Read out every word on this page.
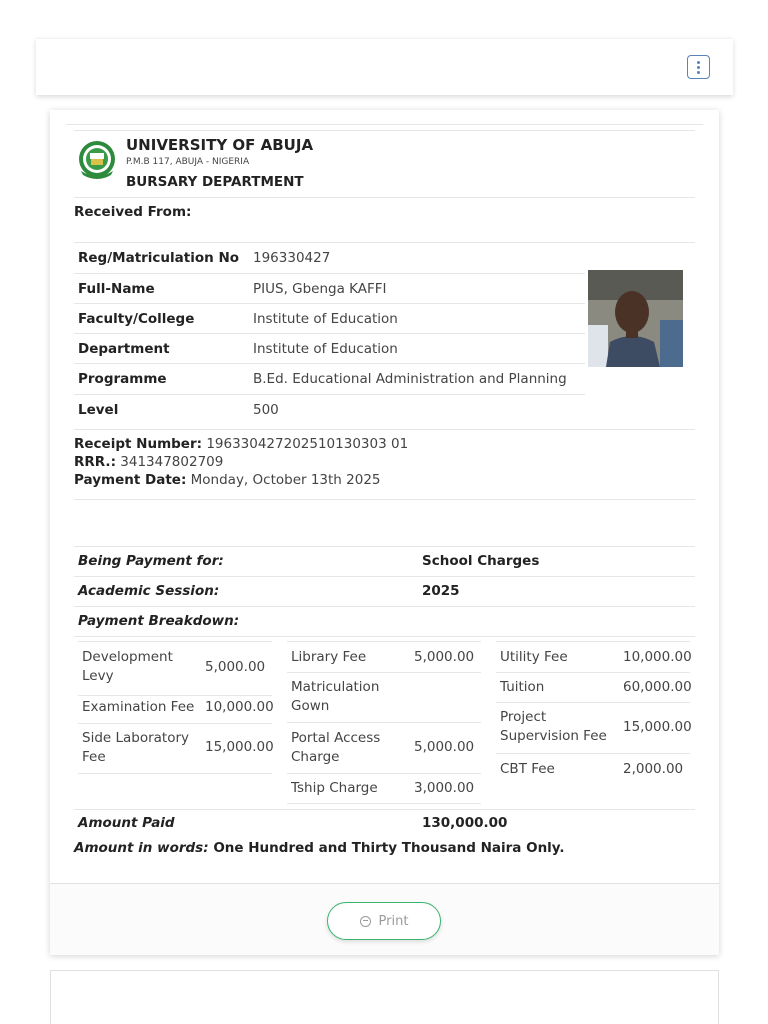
UNIVERSITY OF ABUJA
P.M.B 117, ABUJA - NIGERIA
BURSARY DEPARTMENT
Received From:
Reg/Matriculation No 196330427
Full-Name	PIUS, Gbenga KAFFI
Faculty/College	Institute of Education
Department	Institute of Education
Programme	B.Ed. Educational Administration and Planning
Level	500
Receipt Number: 196330427202510130303 01
RRR.: 341347802709
Payment Date: Monday, October 13th 2025
Being Payment for:	School Charges
Academic Session:	2025
Payment Breakdown:
Development Levy
5,000.00
Examination Fee 10,000.00
Side Laboratory Fee
15,000.00
Library Fee	5,000.00
Matriculation Gown
Portal Access Charge
5,000.00
Tship Charge	3,000.00
Utility Fee	10,000.00
Tuition	60,000.00
Project Supervision Fee
15,000.00
CBT Fee	2,000.00
Amount Paid	130,000.00
Amount in words: One Hundred and Thirty Thousand Naira Only.
Print
